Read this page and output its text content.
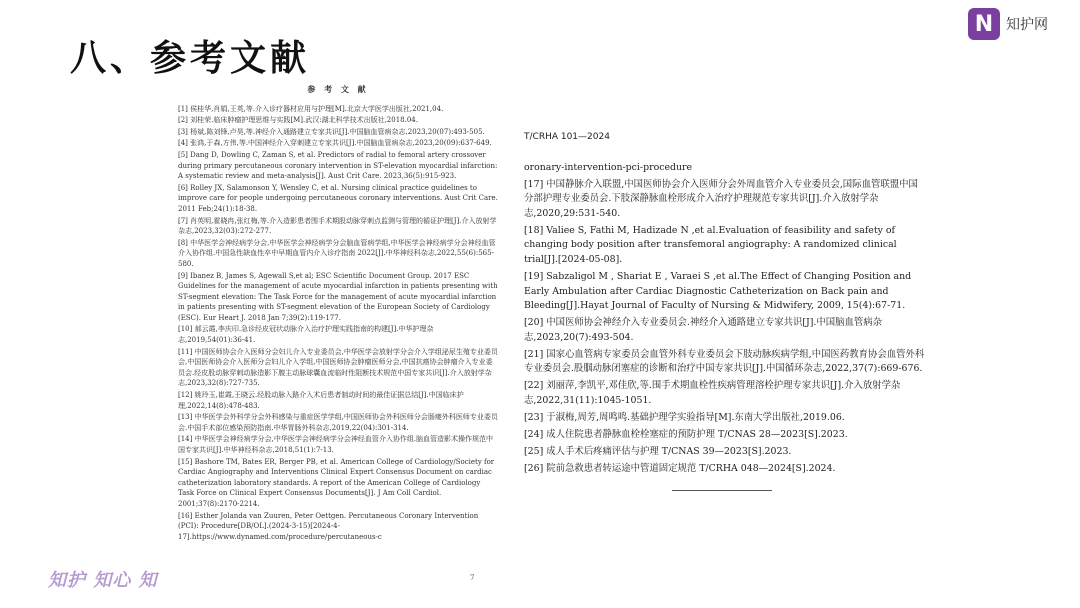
八、参考文献
N 知护网
参 考 文 献

[1] 侯桂华,肖娟,王英,等.介入诊疗器材应用与护理[M].北京大学医学出版社,2021,04.

[2] 刘桂荣.临床肿瘤护理思维与实践[M].武汉:湖北科学技术出版社,2018.04.

[3] 杨斌,陈刘锋,卢昊,等.神经介入通路建立专家共识[J].中国脑血管病杂志,2023,20(07):493-505.

[4] 张鸿,于森,方伟,等.中国神经介入穿刺建立专家共识[J].中国脑血管病杂志,2023,20(09):637-649.

[5] Dang D, Dowling C, Zaman S, et al. Predictors of radial to femoral artery crossover during primary percutaneous coronary intervention in ST-elevation myocardial infarction: A systematic review and meta-analysis[J]. Aust Crit Care. 2023,36(5):915-923.

[6] Rolley JX, Salamonson Y, Wensley C, et al. Nursing clinical practice guidelines to improve care for people undergoing percutaneous coronary interventions. Aust Crit Care. 2011 Feb;24(1):18-38.

[7] 肖英明,霍晓冉,张红梅,等.介入造影患者围手术期股动脉穿刺点监测与管理的循证护理[J].介入放射学杂志,2023,32(03):272-277.

[8] 中华医学会神经病学分会,中华医学会神经病学分会脑血管病学组,中华医学会神经病学分会神经血管介入协作组.中国急性缺血性卒中早期血管内介入诊疗指南 2022[J].中华神经科杂志,2022,55(6):565-580.

[9] Ibanez B, James S, Agewall S,et al; ESC Scientific Document Group. 2017 ESC Guidelines for the management of acute myocardial infarction in patients presenting with ST-segment elevation: The Task Force for the management of acute myocardial infarction in patients presenting with ST-segment elevation of the European Society of Cardiology (ESC). Eur Heart J. 2018 Jan 7;39(2):119-177.

[10] 郝云霞,李庆印.急诊经皮冠状动脉介入治疗护理实践指南的构建[J].中华护理杂志,2019,54(01):36-41.

[11] 中国医师协会介入医师分会妇儿介入专业委员会,中华医学会放射学分会介入学组泌尿生殖专业委员会,中国医师协会介入医师分会妇儿介入学组,中国医师协会肿瘤医师分会,中国抗癌协会肿瘤介入专业委员会.经皮股动脉穿刺动脉造影下腹主动脉球囊血流临时性阻断技术规范中国专家共识[J].介入放射学杂志,2023,32(8):727-735.

[12] 姚玲玉,崔霞,王晓云.经股动脉入路介入术后患者制动时间的最佳证据总结[J].中国临床护理,2022,14(8):478-483.

[13] 中华医学会外科学分会外科感染与重症医学学组,中国医师协会外科医师分会肠瘘外科医师专业委员会.中国手术部位感染预防指南.中华胃肠外科杂志,2019,22(04):301-314.

[14] 中华医学会神经病学分会,中华医学会神经病学分会神经血管介入协作组.脑血管造影术操作规范中国专家共识[J].中华神经科杂志,2018,51(1):7-13.

[15] Bashore TM, Bates ER, Berger PB, et al. American College of Cardiology/Society for Cardiac Angiography and Interventions Clinical Expert Consensus Document on cardiac catheterization laboratory standards. A report of the American College of Cardiology Task Force on Clinical Expert Consensus Documents[J]. J Am Coll Cardiol. 2001;37(8):2170-2214.

[16] Esther Jolanda van Zuuren, Peter Oettgen. Percutaneous Coronary Intervention (PCI): Procedure[DB/OL].(2024-3-15)[2024-4-17].https://www.dynamed.com/procedure/percutaneous-c

7
T/CRHA 101—2024

oronary-intervention-pci-procedure

[17] 中国静脉介入联盟,中国医师协会介入医师分会外周血管介入专业委员会,国际血管联盟中国分部护理专业委员会.下肢深静脉血栓形成介入治疗护理规范专家共识[J].介入放射学杂志,2020,29:531-540.

[18] Valiee S, Fathi M, Hadizade N ,et al.Evaluation of feasibility and safety of changing body position after transfemoral angiography: A randomized clinical trial[J].[2024-05-08].

[19] Sabzaligol M , Shariat E , Varaei S ,et al.The Effect of Changing Position and Early Ambulation after Cardiac Diagnostic Catheterization on Back pain and Bleeding[J].Hayat Journal of Faculty of Nursing & Midwifery, 2009, 15(4):67-71.

[20] 中国医师协会神经介入专业委员会.神经介入通路建立专家共识[J].中国脑血管病杂志,2023,20(7):493-504.

[21] 国家心血管病专家委员会血管外科专业委员会下肢动脉疾病学组,中国医药教育协会血管外科专业委员会.股腘动脉闭塞症的诊断和治疗中国专家共识[J].中国循环杂志,2022,37(7):669-676.

[22] 刘丽萍,李凯平,邓佳欣,等.围手术期血栓性疾病管理溶栓护理专家共识[J].介入放射学杂志,2022,31(11):1045-1051.

[23] 于淑梅,周芳,周鸣鸣.基础护理学实验指导[M].东南大学出版社,2019.06.

[24] 成人住院患者静脉血栓栓塞症的预防护理 T/CNAS 28—2023[S].2023.

[25] 成人手术后疼痛评估与护理 T/CNAS 39—2023[S].2023.

[26] 院前急救患者转运途中管道固定规范 T/CRHA 048—2024[S].2024.

知护 知心 知
